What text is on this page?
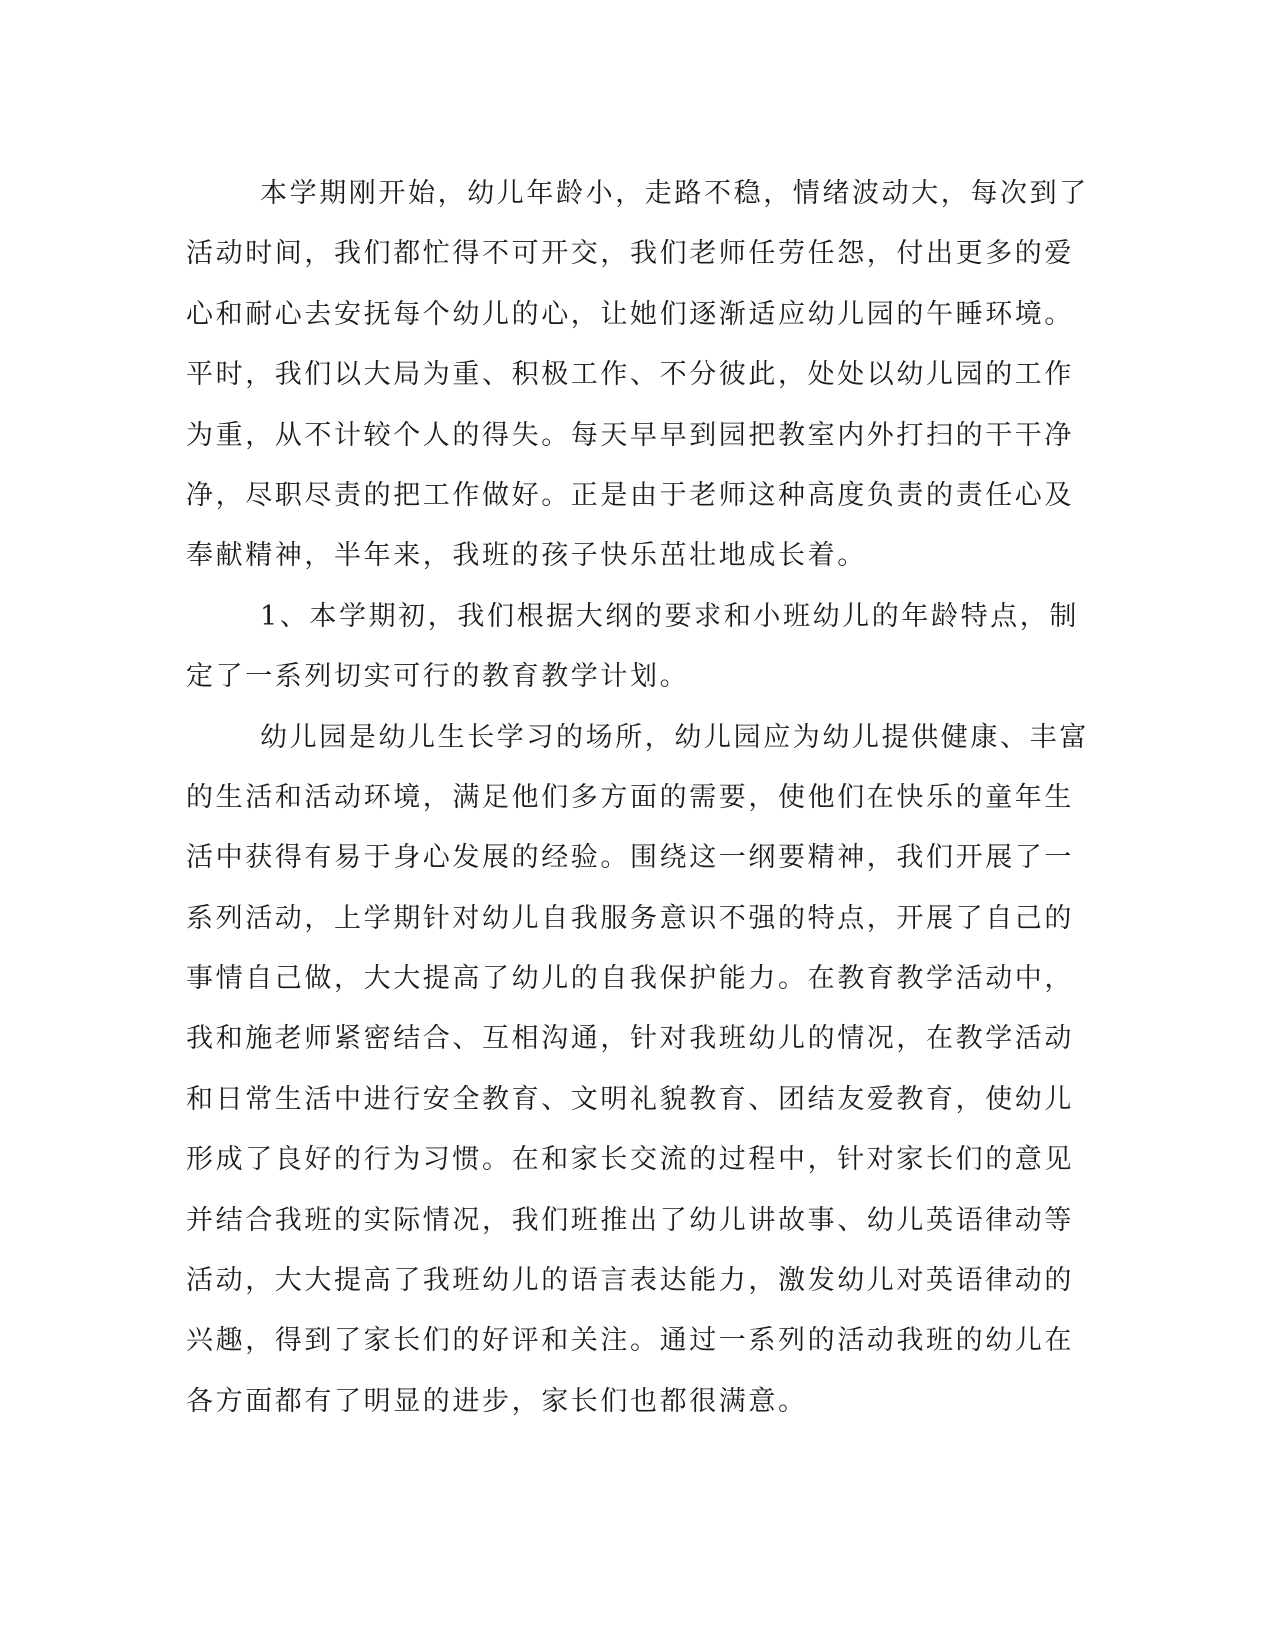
本学期刚开始，幼儿年龄小，走路不稳，情绪波动大，每次到了
活动时间，我们都忙得不可开交，我们老师任劳任怨，付出更多的爱
心和耐心去安抚每个幼儿的心，让她们逐渐适应幼儿园的午睡环境。
平时，我们以大局为重、积极工作、不分彼此，处处以幼儿园的工作
为重，从不计较个人的得失。每天早早到园把教室内外打扫的干干净
净，尽职尽责的把工作做好。正是由于老师这种高度负责的责任心及
奉献精神，半年来，我班的孩子快乐茁壮地成长着。
1、本学期初，我们根据大纲的要求和小班幼儿的年龄特点，制
定了一系列切实可行的教育教学计划。
幼儿园是幼儿生长学习的场所，幼儿园应为幼儿提供健康、丰富
的生活和活动环境，满足他们多方面的需要，使他们在快乐的童年生
活中获得有易于身心发展的经验。围绕这一纲要精神，我们开展了一
系列活动，上学期针对幼儿自我服务意识不强的特点，开展了自己的
事情自己做，大大提高了幼儿的自我保护能力。在教育教学活动中，
我和施老师紧密结合、互相沟通，针对我班幼儿的情况，在教学活动
和日常生活中进行安全教育、文明礼貌教育、团结友爱教育，使幼儿
形成了良好的行为习惯。在和家长交流的过程中，针对家长们的意见
并结合我班的实际情况，我们班推出了幼儿讲故事、幼儿英语律动等
活动，大大提高了我班幼儿的语言表达能力，激发幼儿对英语律动的
兴趣，得到了家长们的好评和关注。通过一系列的活动我班的幼儿在
各方面都有了明显的进步，家长们也都很满意。
